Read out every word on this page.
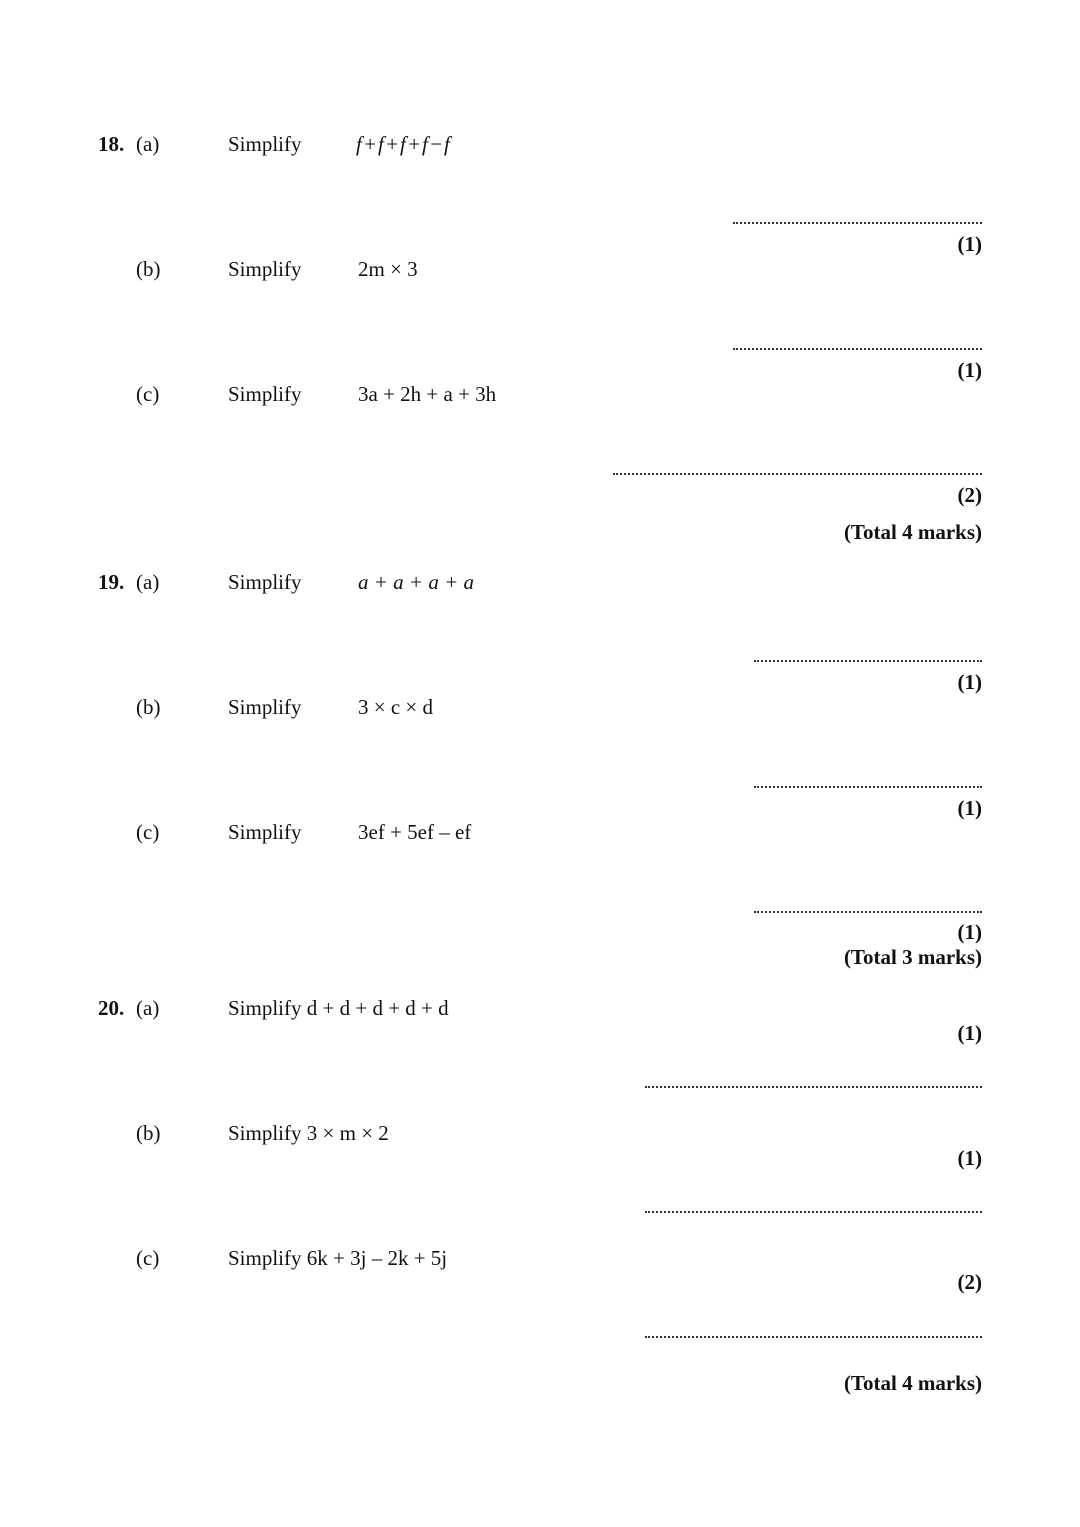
18. (a)	Simplify	f+f+f+f−f
(1)
(b)	Simplify	2m × 3
(1)
(c)	Simplify	3a + 2h + a + 3h
(2)
(Total 4 marks)
19. (a)	Simplify	a + a + a + a
(1)
(b)	Simplify	3 × c × d
(1)
(c)	Simplify	3ef + 5ef – ef
(1)
(Total 3 marks)
20. (a)	Simplify d + d + d + d + d
(1)
(b)	Simplify 3 × m × 2
(1)
(c)	Simplify 6k + 3j – 2k + 5j
(2)
(Total 4 marks)
